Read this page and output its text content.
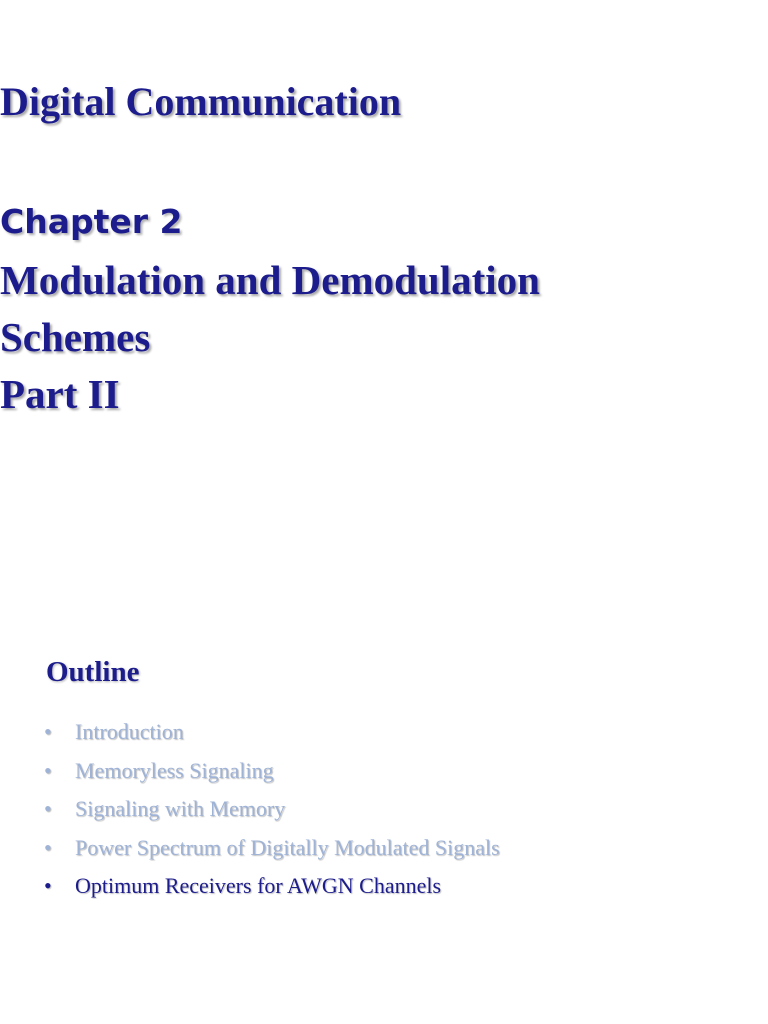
Digital Communication
Chapter 2
Modulation and Demodulation
Schemes
Part II
Outline
•	Introduction
•	Memoryless Signaling
•	Signaling with Memory
•	Power Spectrum of Digitally Modulated Signals
•	Optimum Receivers for AWGN Channels
